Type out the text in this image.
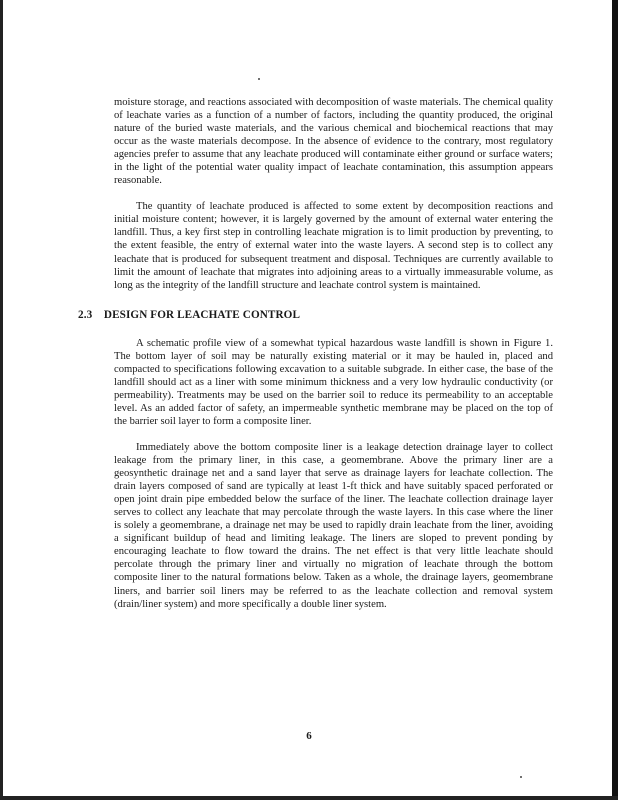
moisture storage, and reactions associated with decomposition of waste materials. The chemical quality of leachate varies as a function of a number of factors, including the quantity produced, the original nature of the buried waste materials, and the various chemical and biochemical reactions that may occur as the waste materials decompose. In the absence of evidence to the contrary, most regulatory agencies prefer to assume that any leachate produced will contaminate either ground or surface waters; in the light of the potential water quality impact of leachate contamination, this assumption appears reasonable.

The quantity of leachate produced is affected to some extent by decomposition reactions and initial moisture content; however, it is largely governed by the amount of external water entering the landfill. Thus, a key first step in controlling leachate migration is to limit production by preventing, to the extent feasible, the entry of external water into the waste layers. A second step is to collect any leachate that is produced for subsequent treatment and disposal. Techniques are currently available to limit the amount of leachate that migrates into adjoining areas to a virtually immeasurable volume, as long as the integrity of the landfill structure and leachate control system is maintained.

2.3 DESIGN FOR LEACHATE CONTROL

A schematic profile view of a somewhat typical hazardous waste landfill is shown in Figure 1. The bottom layer of soil may be naturally existing material or it may be hauled in, placed and compacted to specifications following excavation to a suitable subgrade. In either case, the base of the landfill should act as a liner with some minimum thickness and a very low hydraulic conductivity (or permeability). Treatments may be used on the barrier soil to reduce its permeability to an acceptable level. As an added factor of safety, an impermeable synthetic membrane may be placed on the top of the barrier soil layer to form a composite liner.

Immediately above the bottom composite liner is a leakage detection drainage layer to collect leakage from the primary liner, in this case, a geomembrane. Above the primary liner are a geosynthetic drainage net and a sand layer that serve as drainage layers for leachate collection. The drain layers composed of sand are typically at least 1-ft thick and have suitably spaced perforated or open joint drain pipe embedded below the surface of the liner. The leachate collection drainage layer serves to collect any leachate that may percolate through the waste layers. In this case where the liner is solely a geomembrane, a drainage net may be used to rapidly drain leachate from the liner, avoiding a significant buildup of head and limiting leakage. The liners are sloped to prevent ponding by encouraging leachate to flow toward the drains. The net effect is that very little leachate should percolate through the primary liner and virtually no migration of leachate through the bottom composite liner to the natural formations below. Taken as a whole, the drainage layers, geomembrane liners, and barrier soil liners may be referred to as the leachate collection and removal system (drain/liner system) and more specifically a double liner system.

6
